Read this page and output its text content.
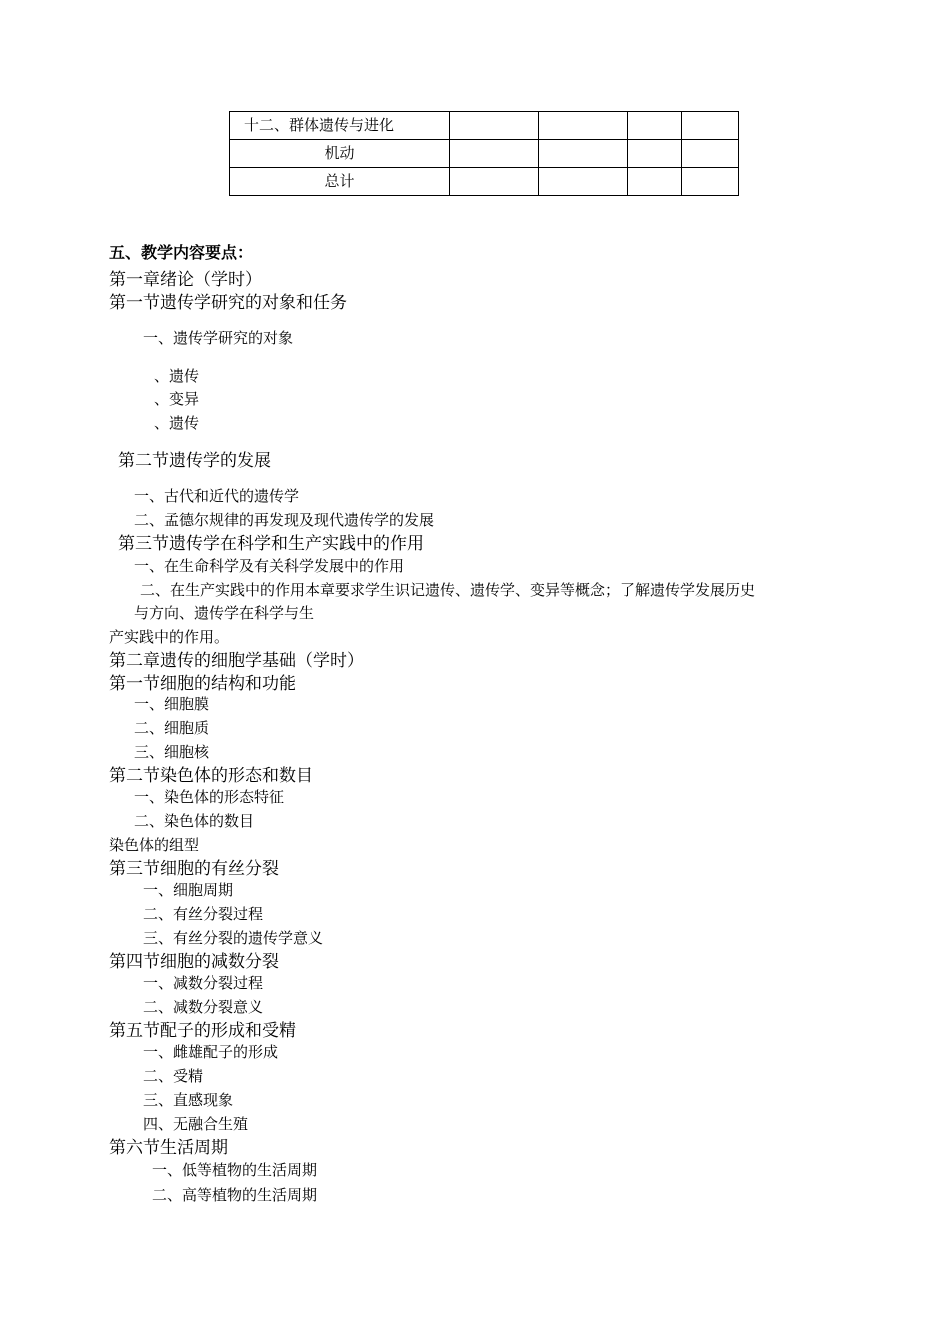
十二、群体遗传与进化				
机动				
总计				
五、教学内容要点：
第一章绪论（学时）
第一节遗传学研究的对象和任务
一、遗传学研究的对象
、遗传
、变异
、遗传
第二节遗传学的发展
一、古代和近代的遗传学
二、孟德尔规律的再发现及现代遗传学的发展
第三节遗传学在科学和生产实践中的作用
一、在生命科学及有关科学发展中的作用
二、在生产实践中的作用本章要求学生识记遗传、遗传学、变异等概念；了解遗传学发展历史
与方向、遗传学在科学与生
产实践中的作用。
第二章遗传的细胞学基础（学时）
第一节细胞的结构和功能
一、细胞膜
二、细胞质
三、细胞核
第二节染色体的形态和数目
一、染色体的形态特征
二、染色体的数目
染色体的组型
第三节细胞的有丝分裂
一、细胞周期
二、有丝分裂过程
三、有丝分裂的遗传学意义
第四节细胞的减数分裂
一、减数分裂过程
二、减数分裂意义
第五节配子的形成和受精
一、雌雄配子的形成
二、受精
三、直感现象
四、无融合生殖
第六节生活周期
一、低等植物的生活周期
二、高等植物的生活周期
